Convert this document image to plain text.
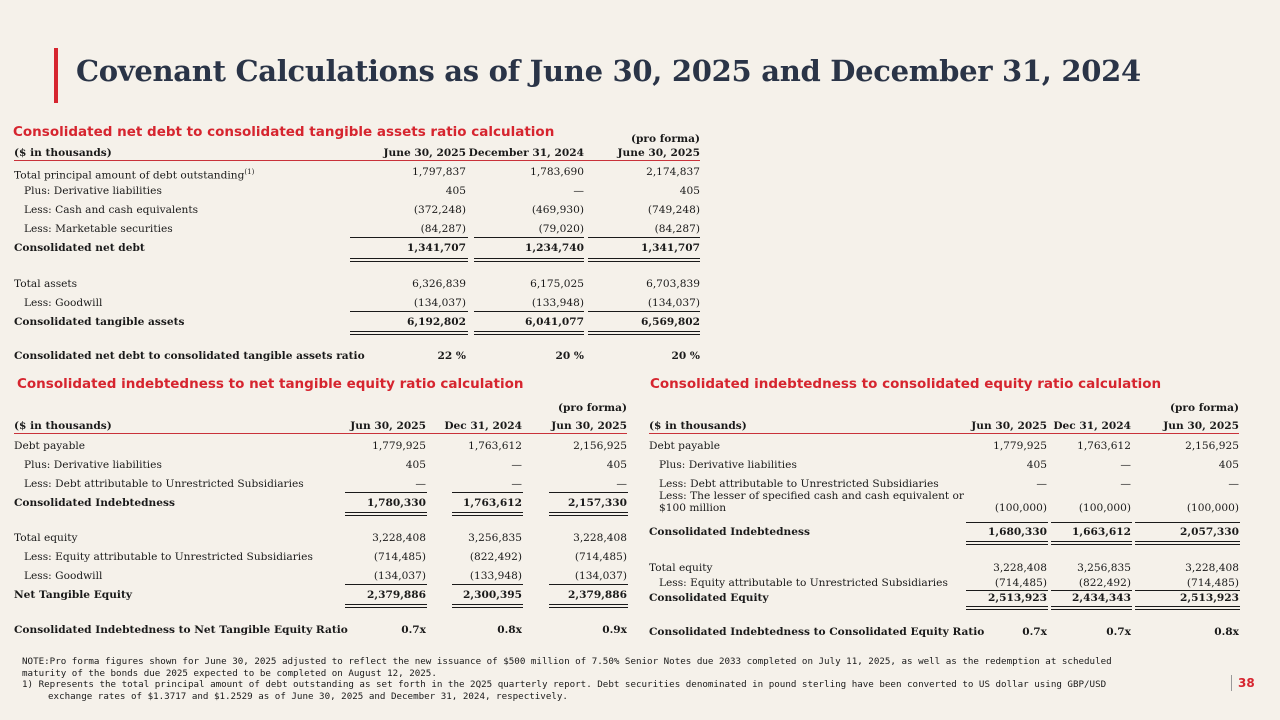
Covenant Calculations as of June 30, 2025 and December 31, 2024
Consolidated net debt to consolidated tangible assets ratio calculation
Consolidated indebtedness to net tangible equity ratio calculation	Consolidated indebtedness to consolidated equity ratio calculation
(pro forma)
($ in thousands)	June 30, 2025 December 31, 2024	June 30, 2025
Total principal amount of debt outstanding$^{(1)}$	1,797,837	1,783,690	2,174,837
Plus: Derivative liabilities	405	—	405
Less: Cash and cash equivalents	(372,248)	(469,930)	(749,248)
Less: Marketable securities	(84,287)	(79,020)	(84,287)
Consolidated net debt	1,341,707	1,234,740	1,341,707
Total assets	6,326,839	6,175,025	6,703,839
Less: Goodwill	(134,037)	(133,948)	(134,037)
Consolidated tangible assets	6,192,802	6,041,077	6,569,802
Consolidated net debt to consolidated tangible assets ratio	22 %	20 %	20 %
(pro forma)
($ in thousands)	Jun 30, 2025	Dec 31, 2024	Jun 30, 2025
Debt payable	1,779,925	1,763,612	2,156,925
Plus: Derivative liabilities	405	—	405
Less: Debt attributable to Unrestricted Subsidiaries	—	—	—
Consolidated Indebtedness	1,780,330	1,763,612	2,157,330
Total equity	3,228,408	3,256,835	3,228,408
Less: Equity attributable to Unrestricted Subsidiaries	(714,485)	(822,492)	(714,485)
Less: Goodwill	(134,037)	(133,948)	(134,037)
Net Tangible Equity	2,379,886	2,300,395	2,379,886
Consolidated Indebtedness to Net Tangible Equity Ratio	0.7x	0.8x	0.9x
(pro forma)
($ in thousands)	Jun 30, 2025 Dec 31, 2024	Jun 30, 2025
Debt payable	1,779,925	1,763,612	2,156,925
Plus: Derivative liabilities	405	—	405
Less: Debt attributable to Unrestricted Subsidiaries	—	—	—
Less: The lesser of specified cash and cash equivalent or
$100 million	(100,000)	(100,000)	(100,000)
Consolidated Indebtedness	1,680,330	1,663,612	2,057,330
Total equity	3,228,408	3,256,835	3,228,408
Less: Equity attributable to Unrestricted Subsidiaries	(714,485)	(822,492)	(714,485)
Consolidated Equity	2,513,923	2,434,343	2,513,923
Consolidated Indebtedness to Consolidated Equity Ratio	0.7x	0.7x	0.8x

NOTE:Pro forma figures shown for June 30, 2025 adjusted to reflect the new issuance of $500 million of 7.50% Senior Notes due 2033 completed on July 11, 2025, as well as the redemption at scheduled maturity of the bonds due 2025 expected to be completed on August 12, 2025.

1) Represents the total principal amount of debt outstanding as set forth in the 2Q25 quarterly report. Debt securities denominated in pound sterling have been converted to US dollar using GBP/USD exchange rates of $1.3717 and $1.2529 as of June 30, 2025 and December 31, 2024, respectively.

38
